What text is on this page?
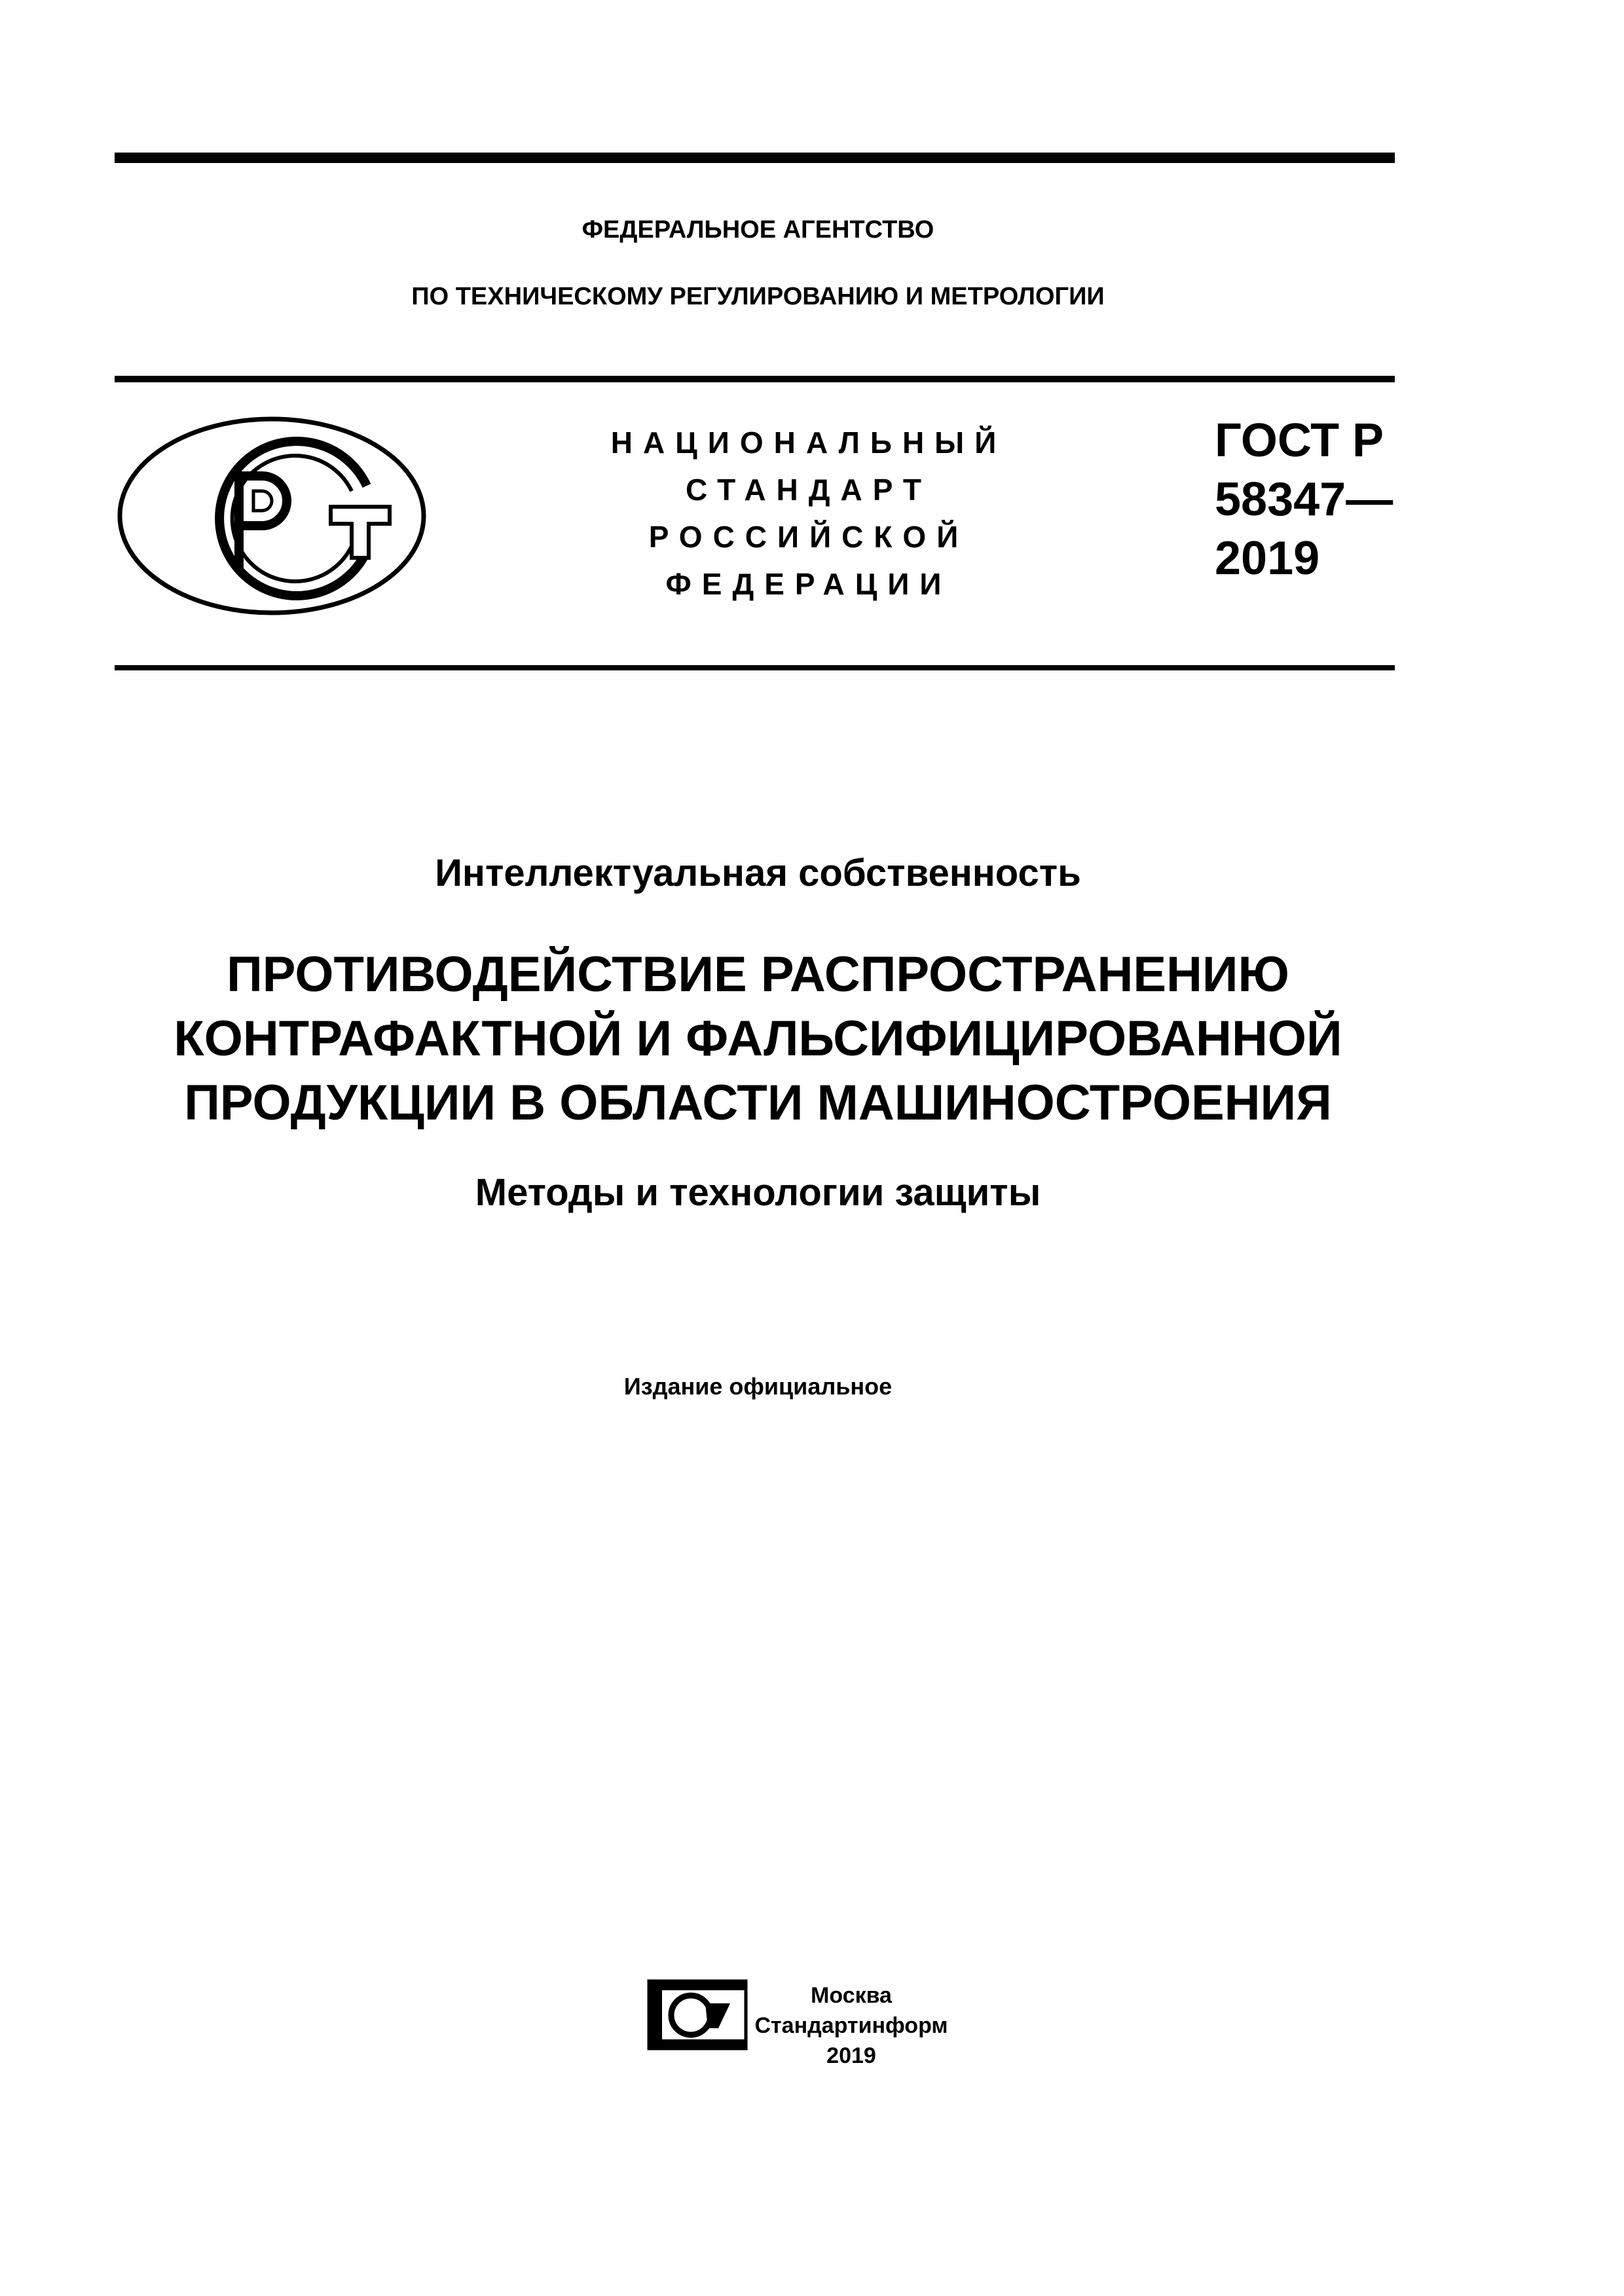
ФЕДЕРАЛЬНОЕ АГЕНТСТВО
ПО ТЕХНИЧЕСКОМУ РЕГУЛИРОВАНИЮ И МЕТРОЛОГИИ
НАЦИОНАЛЬНЫЙ
СТАНДАРТ
РОССИЙСКОЙ
ФЕДЕРАЦИИ
ГОСТ Р
58347—
2019
Интеллектуальная собственность
ПРОТИВОДЕЙСТВИЕ РАСПРОСТРАНЕНИЮ
КОНТРАФАКТНОЙ И ФАЛЬСИФИЦИРОВАННОЙ
ПРОДУКЦИИ В ОБЛАСТИ МАШИНОСТРОЕНИЯ
Методы и технологии защиты
Издание официальное
Москва
Стандартинформ
2019
